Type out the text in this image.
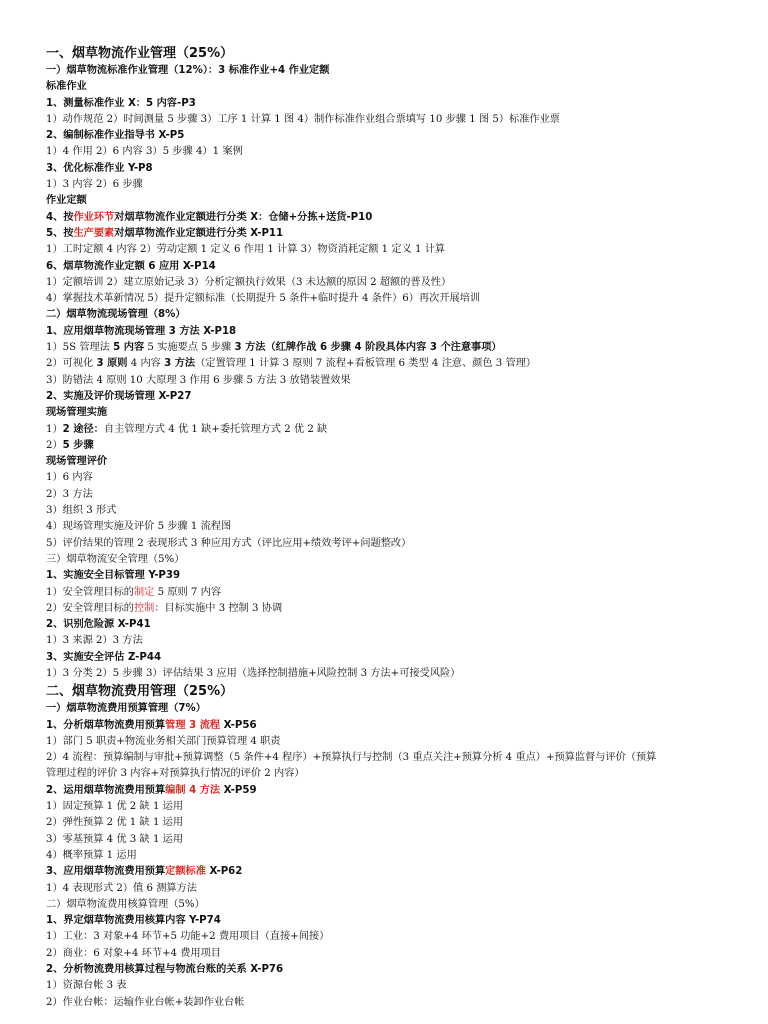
一、烟草物流作业管理（25%）
一）烟草物流标准作业管理（12%）：3 标准作业+4 作业定额
标准作业
1、测量标准作业 X：5 内容-P3
1）动作规范 2）时间测量 5 步骤 3）工序 1 计算 1 图 4）制作标准作业组合票填写 10 步骤 1 图 5）标准作业票
2、编制标准作业指导书 X-P5
1）4 作用 2）6 内容 3）5 步骤 4）1 案例
3、优化标准作业 Y-P8
1）3 内容 2）6 步骤
作业定额
4、按作业环节对烟草物流作业定额进行分类 X：仓储+分拣+送货-P10
5、按生产要素对烟草物流作业定额进行分类 X-P11
1）工时定额 4 内容 2）劳动定额 1 定义 6 作用 1 计算 3）物资消耗定额 1 定义 1 计算
6、烟草物流作业定额 6 应用 X-P14
1）定额培训 2）建立原始记录 3）分析定额执行效果（3 未达额的原因 2 超额的普及性）
4）掌握技术革新情况 5）提升定额标准（长期提升 5 条件+临时提升 4 条件）6）再次开展培训
二）烟草物流现场管理（8%）
1、应用烟草物流现场管理 3 方法 X-P18
1）5S 管理法 5 内容 5 实施要点 5 步骤 3 方法（红牌作战 6 步骤 4 阶段具体内容 3 个注意事项）
2）可视化 3 原则 4 内容 3 方法（定置管理 1 计算 3 原则 7 流程+看板管理 6 类型 4 注意、颜色 3 管理）
3）防错法 4 原则 10 大原理 3 作用 6 步骤 5 方法 3 放错装置效果
2、实施及评价现场管理 X-P27
现场管理实施
1）2 途径：自主管理方式 4 优 1 缺+委托管理方式 2 优 2 缺
2）5 步骤
现场管理评价
1）6 内容
2）3 方法
3）组织 3 形式
4）现场管理实施及评价 5 步骤 1 流程图
5）评价结果的管理 2 表现形式 3 种应用方式（评比应用+绩效考评+问题整改）
三）烟草物流安全管理（5%）
1、实施安全目标管理 Y-P39
1）安全管理目标的制定 5 原则 7 内容
2）安全管理目标的控制：目标实施中 3 控制 3 协调
2、识别危险源 X-P41
1）3 来源 2）3 方法
3、实施安全评估 Z-P44
1）3 分类 2）5 步骤 3）评估结果 3 应用（选择控制措施+风险控制 3 方法+可接受风险）
二、烟草物流费用管理（25%）
一）烟草物流费用预算管理（7%）
1、分析烟草物流费用预算管理 3 流程 X-P56
1）部门 5 职责+物流业务相关部门预算管理 4 职责
2）4 流程：预算编制与审批+预算调整（5 条件+4 程序）+预算执行与控制（3 重点关注+预算分析 4 重点）+预算监督与评价（预算
管理过程的评价 3 内容+对预算执行情况的评价 2 内容）
2、运用烟草物流费用预算编制 4 方法 X-P59
1）固定预算 1 优 2 缺 1 运用
2）弹性预算 2 优 1 缺 1 运用
3）零基预算 4 优 3 缺 1 运用
4）概率预算 1 运用
3、应用烟草物流费用预算定额标准 X-P62
1）4 表现形式 2）值 6 测算方法
二）烟草物流费用核算管理（5%）
1、界定烟草物流费用核算内容 Y-P74
1）工业：3 对象+4 环节+5 功能+2 费用项目（直接+间接）
2）商业：6 对象+4 环节+4 费用项目
2、分析物流费用核算过程与物流台账的关系 X-P76
1）资源台帐 3 表
2）作业台帐：运输作业台帐+装卸作业台帐
